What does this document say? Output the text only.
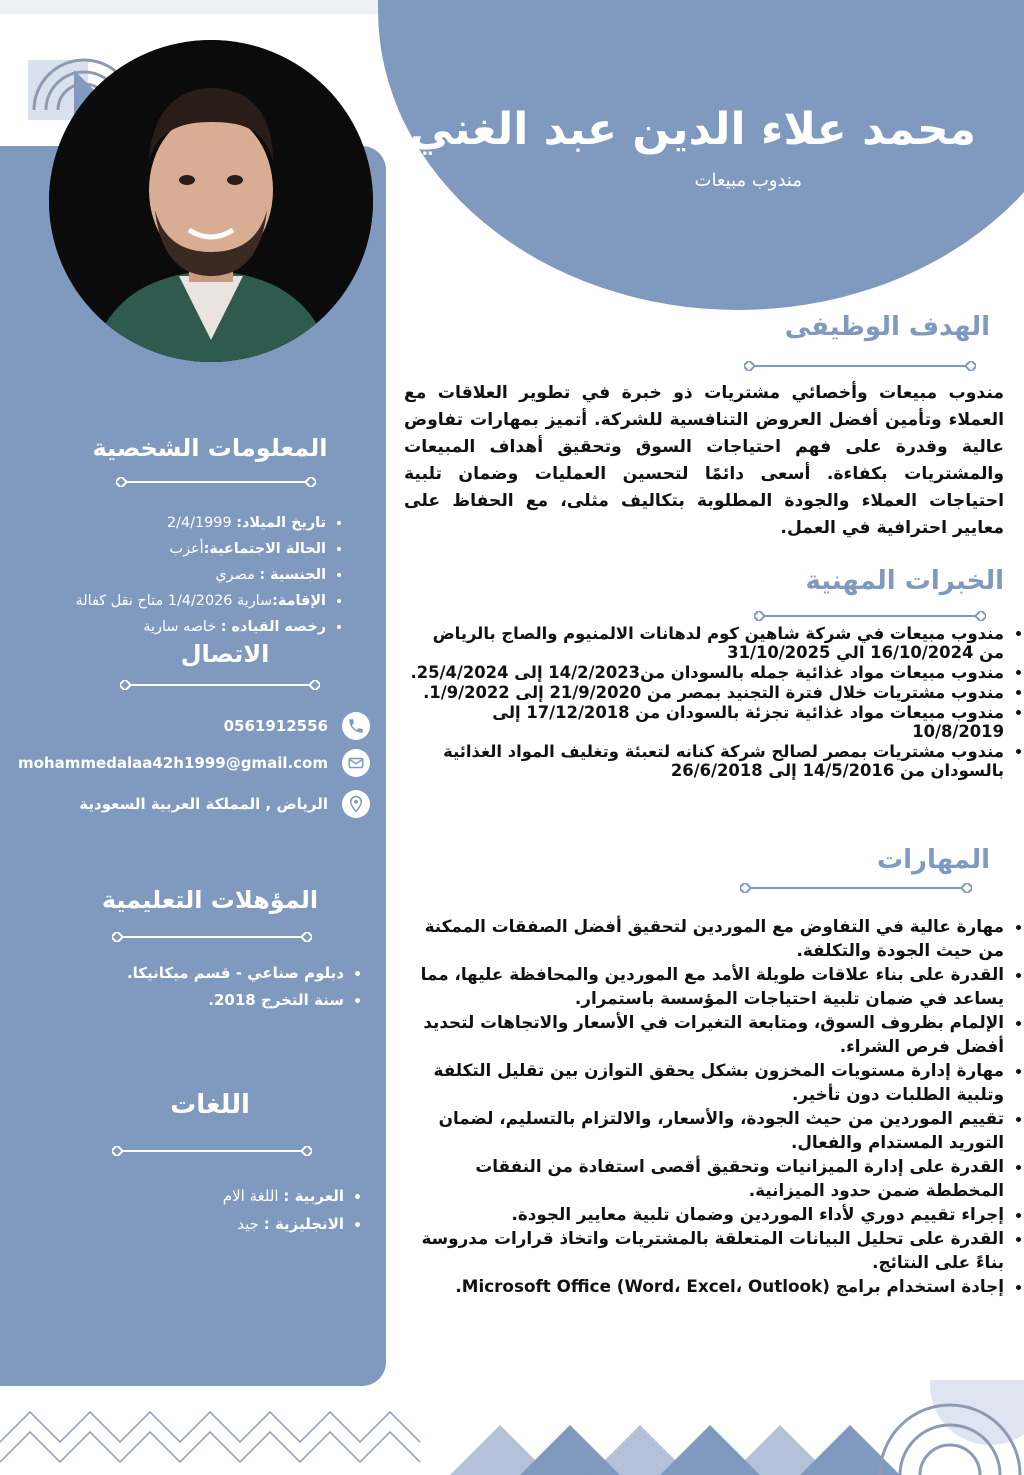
محمد علاء الدين عبد الغني
مندوب مبيعات
الهدف الوظيفى
مندوب مبيعات وأخصائي مشتريات ذو خبرة في تطوير العلاقات مع العملاء وتأمين أفضل العروض التنافسية للشركة. أتميز بمهارات تفاوض عالية وقدرة على فهم احتياجات السوق وتحقيق أهداف المبيعات والمشتريات بكفاءة. أسعى دائمًا لتحسين العمليات وضمان تلبية احتياجات العملاء والجودة المطلوبة بتكاليف مثلى، مع الحفاظ على معايير احترافية في العمل.
الخبرات المهنية
• مندوب مبيعات في شركة شاهين كوم لدهانات الالمنيوم والصاج بالرياض من 16/10/2024 الي 31/10/2025
• مندوب مبيعات مواد غذائية جمله بالسودان من14/2/2023 إلى 25/4/2024.
• مندوب مشتريات خلال فترة التجنيد بمصر من 21/9/2020 إلى 1/9/2022.
• مندوب مبيعات مواد غذائية تجزئة بالسودان من 17/12/2018 إلى 10/8/2019
• مندوب مشتريات بمصر لصالح شركة كنانه لتعبئة وتغليف المواد الغذائية بالسودان من 14/5/2016 إلى 26/6/2018
المهارات
• مهارة عالية في التفاوض مع الموردين لتحقيق أفضل الصفقات الممكنة من حيث الجودة والتكلفة.
• القدرة على بناء علاقات طويلة الأمد مع الموردين والمحافظة عليها، مما يساعد في ضمان تلبية احتياجات المؤسسة باستمرار.
• الإلمام بظروف السوق، ومتابعة التغيرات في الأسعار والاتجاهات لتحديد أفضل فرص الشراء.
• مهارة إدارة مستويات المخزون بشكل يحقق التوازن بين تقليل التكلفة وتلبية الطلبات دون تأخير.
• تقييم الموردين من حيث الجودة، والأسعار، والالتزام بالتسليم، لضمان التوريد المستدام والفعال.
• القدرة على إدارة الميزانيات وتحقيق أقصى استفادة من النفقات المخططة ضمن حدود الميزانية.
• إجراء تقييم دوري لأداء الموردين وضمان تلبية معايير الجودة.
• القدرة على تحليل البيانات المتعلقة بالمشتريات واتخاذ قرارات مدروسة بناءً على النتائج.
• إجادة استخدام برامج Microsoft Office (Word، Excel، Outlook).
المعلومات الشخصية
• تاريخ الميلاد: 2/4/1999
• الحالة الاجتماعية:أعزب
• الجنسية : مصري
• الإقامة:سارية 1/4/2026 متاح نقل كفالة
• رخصه القياده : خاصه سارية
الاتصال
0561912556
mohammedalaa42h1999@gmail.com
الرياض , المملكة العربية السعودية
المؤهلات التعليمية
• دبلوم صناعي - قسم ميكانيكا.
• سنة التخرج 2018.
اللغات
• العربية : اللغة الام
• الانجليزية : جيد
